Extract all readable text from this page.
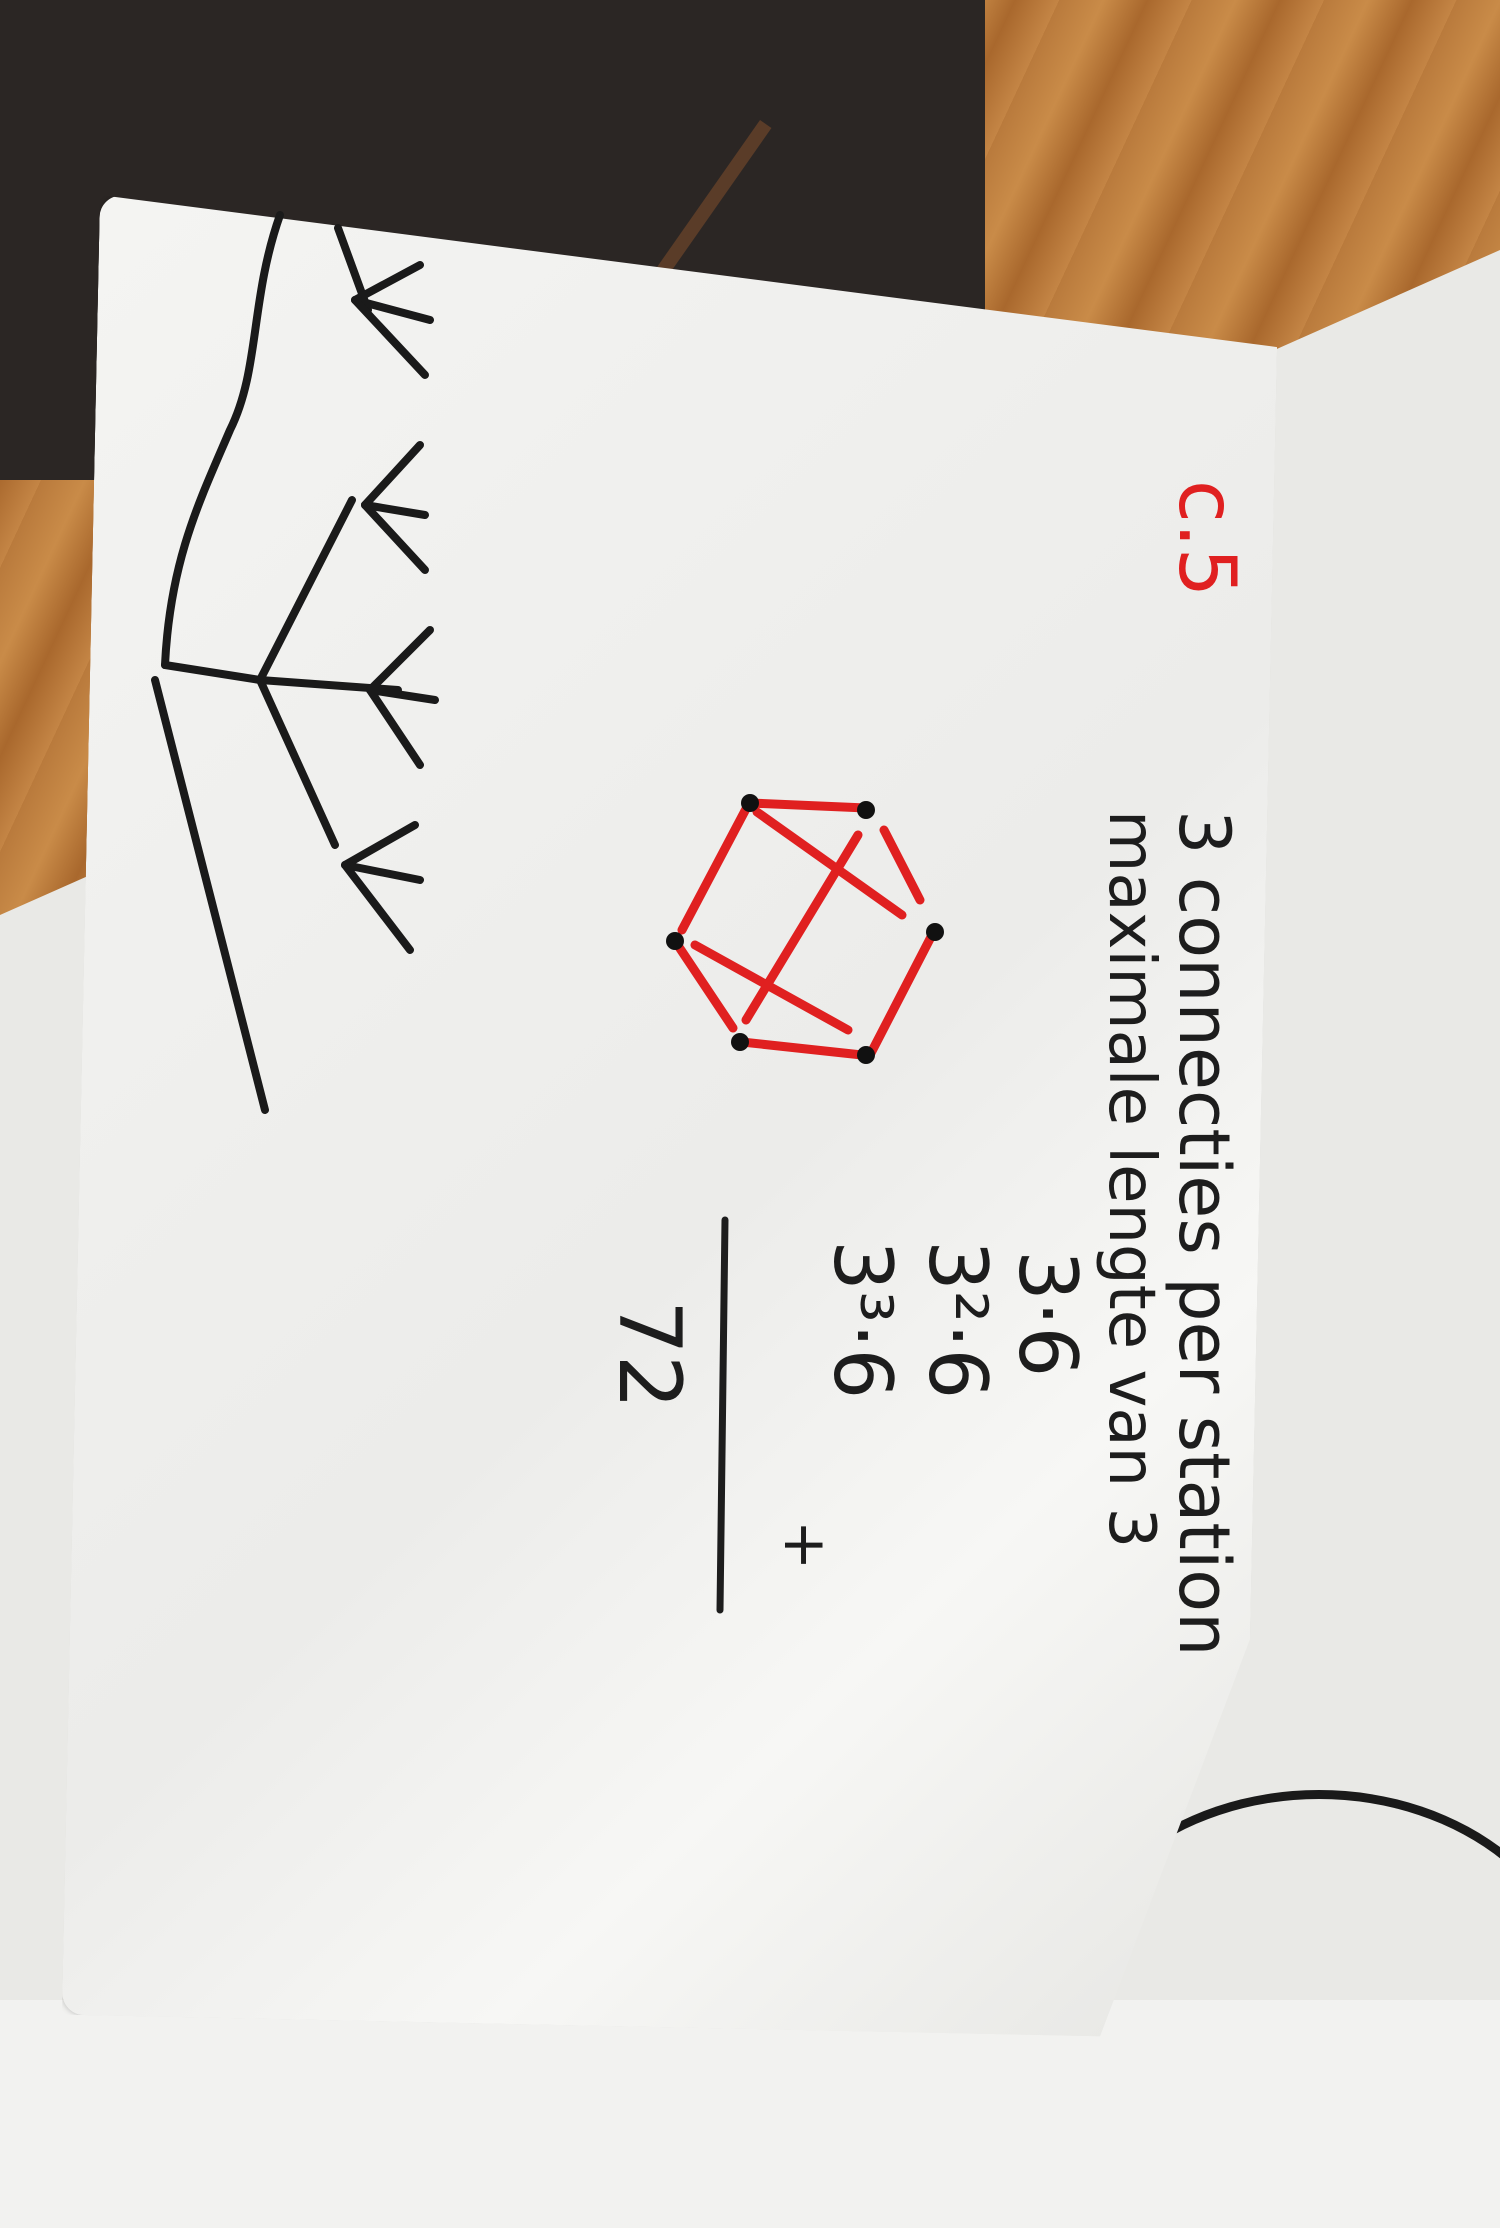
c.5
3 connecties per station
maximale lengte van 3
3·6
3²·6
3³·6
+
72
